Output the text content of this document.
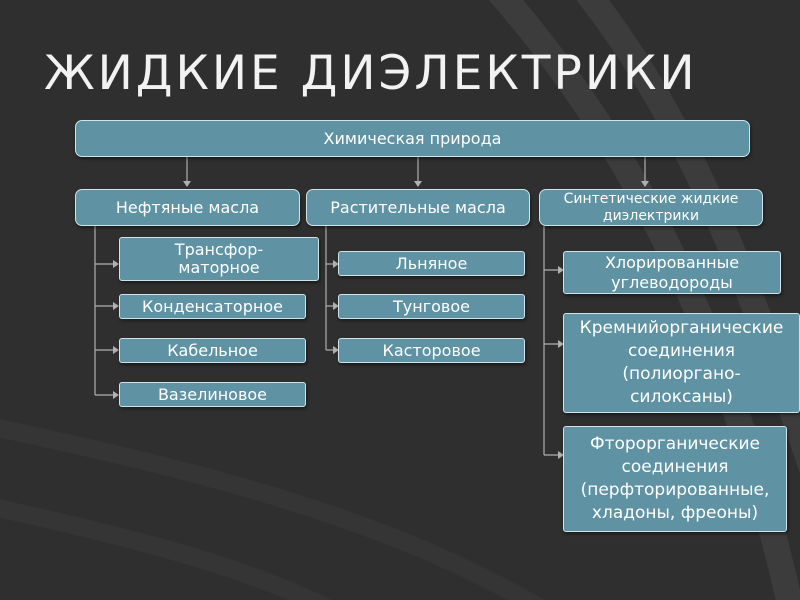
ЖИДКИЕ ДИЭЛЕКТРИКИ
Химическая природа
Нефтяные масла	Растительные масла	Синтетические жидкие
диэлектрики
Трансфор-
маторное
Конденсаторное
Кабельное
Вазелиновое
Льняное
Тунговое
Касторовое
Хлорированные
углеводороды
Кремнийорганические
соединения
(полиоргано-
силоксаны)
Фторорганические
соединения
(перфторированные,
хладоны, фреоны)
